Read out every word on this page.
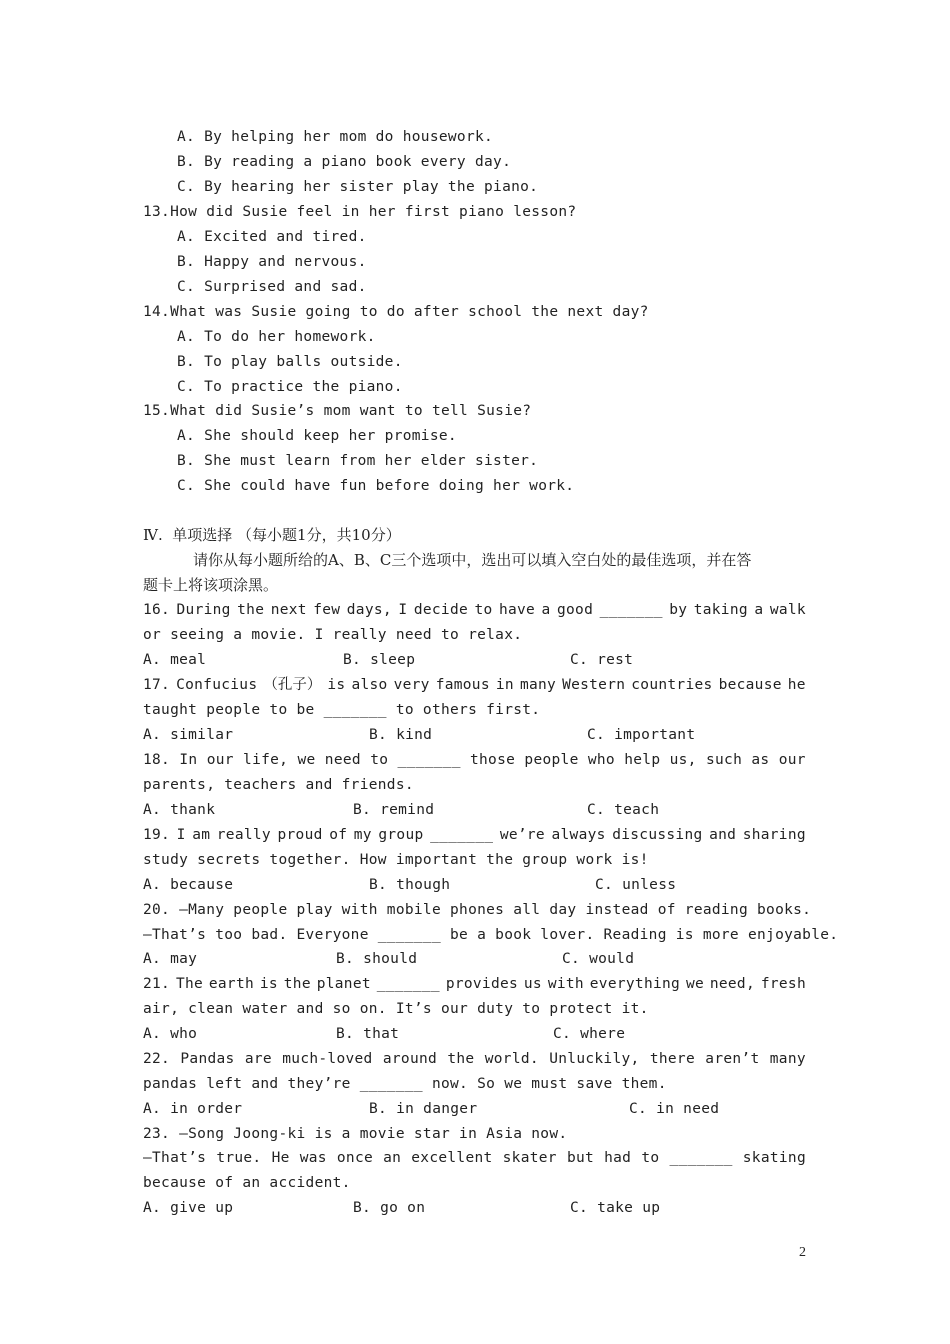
A. By helping her mom do housework.
B. By reading a piano book every day.
C. By hearing her sister play the piano.
13.How did Susie feel in her first piano lesson?
A. Excited and tired.
B. Happy and nervous.
C. Surprised and sad.
14.What was Susie going to do after school the next day?
A. To do her homework.
B. To play balls outside.
C. To practice the piano.
15.What did Susie’s mom want to tell Susie?
A. She should keep her promise.
B. She must learn from her elder sister.
C. She could have fun before doing her work.
Ⅳ.  单项选择 （每小题1分，共10分）
请你从每小题所给的A、B、C三个选项中，选出可以填入空白处的最佳选项，并在答
题卡上将该项涂黑。
16. During the next few days, I decide to have a good _______ by taking a walk
or seeing a movie. I really need to relax.
A. meal	B. sleep	C. rest
17. Confucius （孔子） is also very famous in many Western countries because he
taught people to be _______ to others first.
A. similar	B. kind	C. important
18. In our life, we need to _______ those people who help us, such as our
parents, teachers and friends.
A. thank	B. remind	C. teach
19. I am really proud of my group _______ we’re always discussing and sharing
study secrets together. How important the group work is!
A. because	B. though	C. unless
20. —Many people play with mobile phones all day instead of reading books.
—That’s too bad. Everyone _______ be a book lover. Reading is more enjoyable.
A. may	B. should	C. would
21. The earth is the planet _______ provides us with everything we need, fresh
air, clean water and so on. It’s our duty to protect it.
A. who	B. that	C. where
22. Pandas are much-loved around the world. Unluckily, there aren’t many
pandas left and they’re _______ now. So we must save them.
A. in order	B. in danger	C. in need
23. —Song Joong-ki is a movie star in Asia now.
—That’s true. He was once an excellent skater but had to _______ skating
because of an accident.
A. give up	B. go on	C. take up
2
